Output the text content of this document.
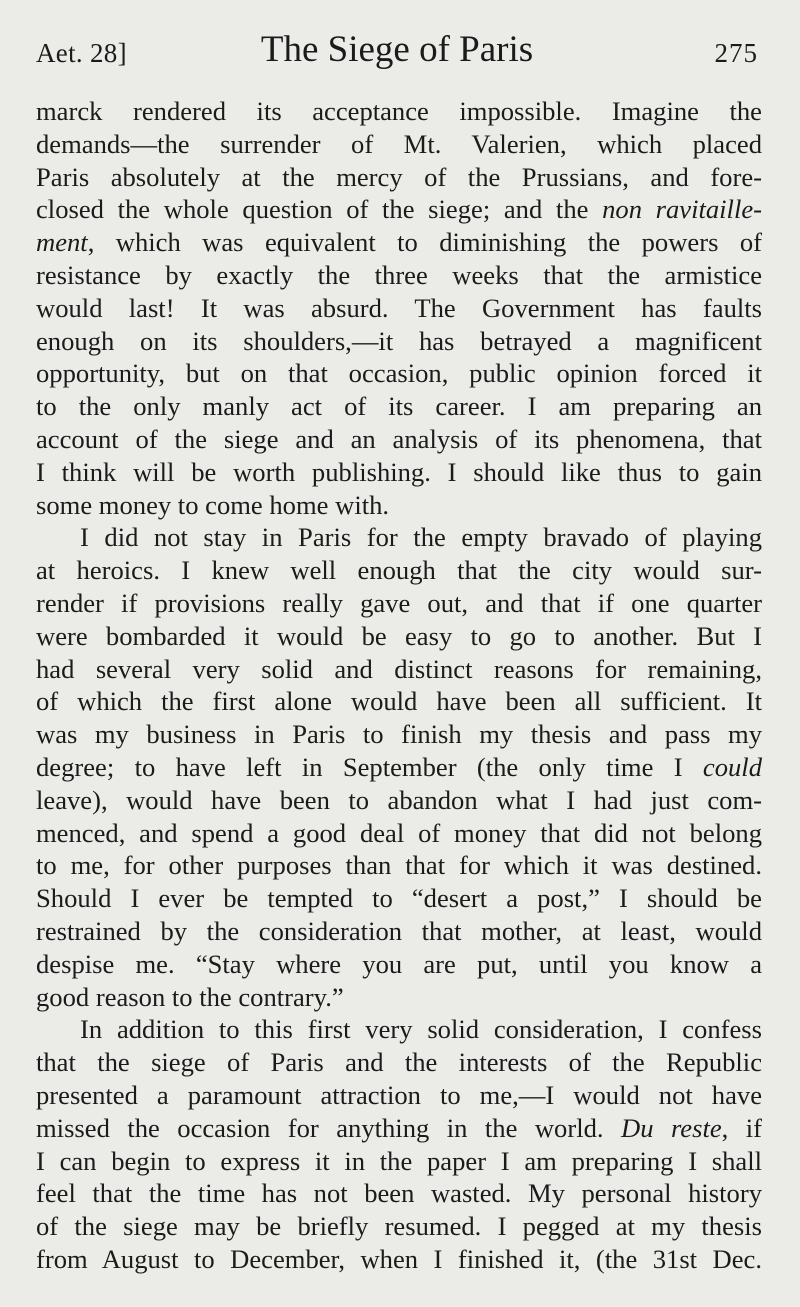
Aet. 28]	The Siege of Paris	275
marck rendered its acceptance impossible. Imagine the
demands—the surrender of Mt. Valerien, which placed
Paris absolutely at the mercy of the Prussians, and fore-
closed the whole question of the siege; and the non ravitaille-
ment, which was equivalent to diminishing the powers of
resistance by exactly the three weeks that the armistice
would last! It was absurd. The Government has faults
enough on its shoulders,—it has betrayed a magnificent
opportunity, but on that occasion, public opinion forced it
to the only manly act of its career. I am preparing an
account of the siege and an analysis of its phenomena, that
I think will be worth publishing. I should like thus to gain
some money to come home with.
I did not stay in Paris for the empty bravado of playing
at heroics. I knew well enough that the city would sur-
render if provisions really gave out, and that if one quarter
were bombarded it would be easy to go to another. But I
had several very solid and distinct reasons for remaining,
of which the first alone would have been all sufficient. It
was my business in Paris to finish my thesis and pass my
degree; to have left in September (the only time I could
leave), would have been to abandon what I had just com-
menced, and spend a good deal of money that did not belong
to me, for other purposes than that for which it was destined.
Should I ever be tempted to “desert a post,” I should be
restrained by the consideration that mother, at least, would
despise me. “Stay where you are put, until you know a
good reason to the contrary.”
In addition to this first very solid consideration, I confess
that the siege of Paris and the interests of the Republic
presented a paramount attraction to me,—I would not have
missed the occasion for anything in the world. Du reste, if
I can begin to express it in the paper I am preparing I shall
feel that the time has not been wasted. My personal history
of the siege may be briefly resumed. I pegged at my thesis
from August to December, when I finished it, (the 31st Dec.
